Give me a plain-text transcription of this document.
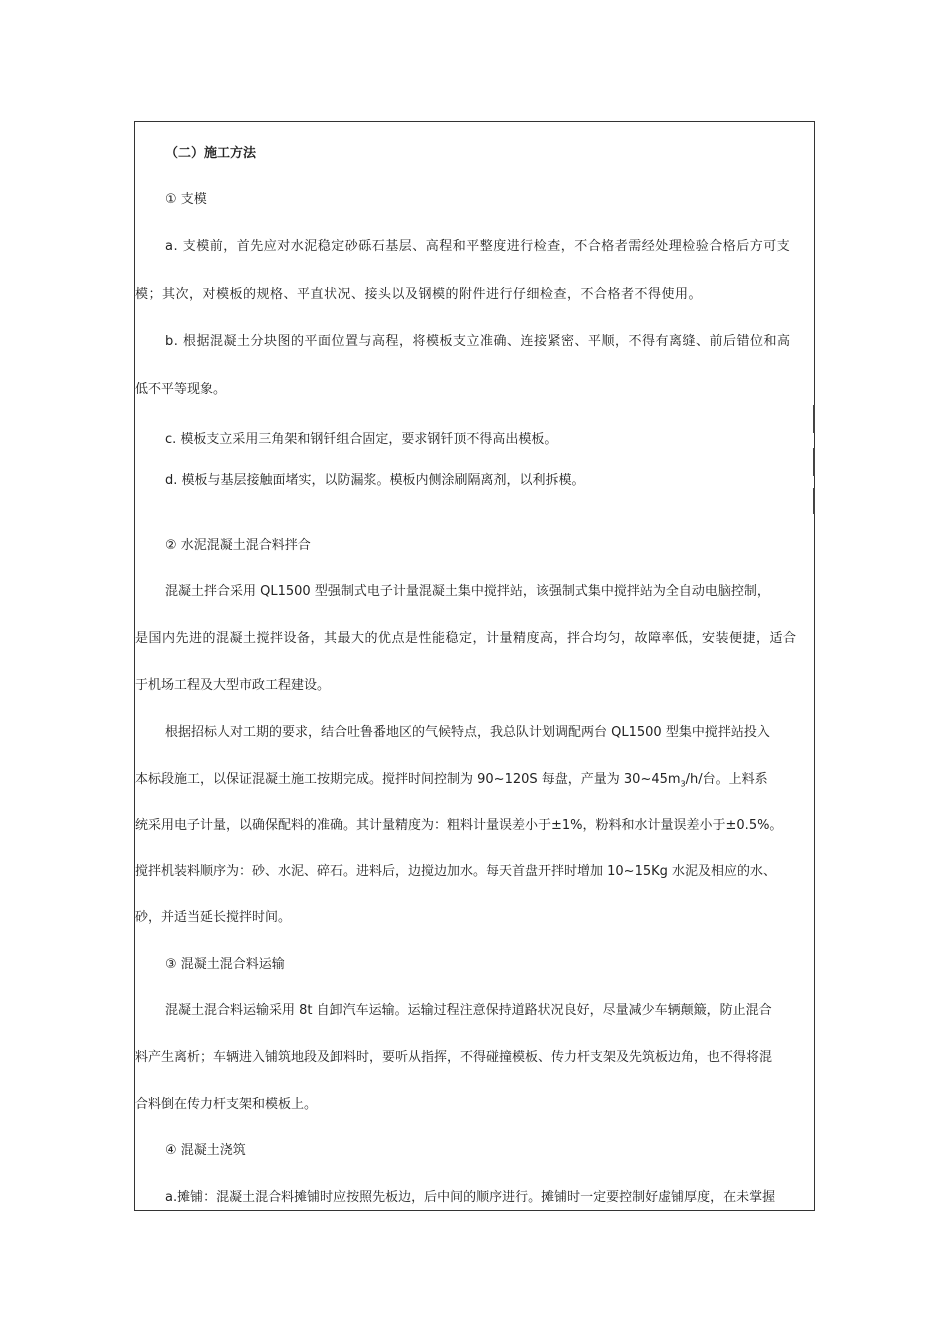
（二）施工方法
① 支模
a. 支模前，首先应对水泥稳定砂砾石基层、高程和平整度进行检查，不合格者需经处理检验合格后方可支
模；其次，对模板的规格、平直状况、接头以及钢模的附件进行仔细检查，不合格者不得使用。
b. 根据混凝土分块图的平面位置与高程，将模板支立准确、连接紧密、平顺，不得有离缝、前后错位和高
低不平等现象。
c. 模板支立采用三角架和钢钎组合固定，要求钢钎顶不得高出模板。
d. 模板与基层接触面堵实，以防漏浆。模板内侧涂刷隔离剂，以利拆模。
② 水泥混凝土混合料拌合
混凝土拌合采用 QL1500 型强制式电子计量混凝土集中搅拌站，该强制式集中搅拌站为全自动电脑控制，
是国内先进的混凝土搅拌设备，其最大的优点是性能稳定，计量精度高，拌合均匀，故障率低，安装便捷，适合
于机场工程及大型市政工程建设。
根据招标人对工期的要求，结合吐鲁番地区的气候特点，我总队计划调配两台 QL1500 型集中搅拌站投入
本标段施工，以保证混凝土施工按期完成。搅拌时间控制为 90~120S 每盘，产量为 $30\sim 45m_3/h/$台。上料系
统采用电子计量，以确保配料的准确。其计量精度为：粗料计量误差小于±1%，粉料和水计量误差小于±0.5%。
搅拌机装料顺序为：砂、水泥、碎石。进料后，边搅边加水。每天首盘开拌时增加 10~15Kg 水泥及相应的水、
砂，并适当延长搅拌时间。
③ 混凝土混合料运输
混凝土混合料运输采用 8t 自卸汽车运输。运输过程注意保持道路状况良好，尽量减少车辆颠簸，防止混合
料产生离析；车辆进入铺筑地段及卸料时，要听从指挥，不得碰撞模板、传力杆支架及先筑板边角，也不得将混
合料倒在传力杆支架和模板上。
④ 混凝土浇筑
a.摊铺：混凝土混合料摊铺时应按照先板边，后中间的顺序进行。摊铺时一定要控制好虚铺厚度，在未掌握
